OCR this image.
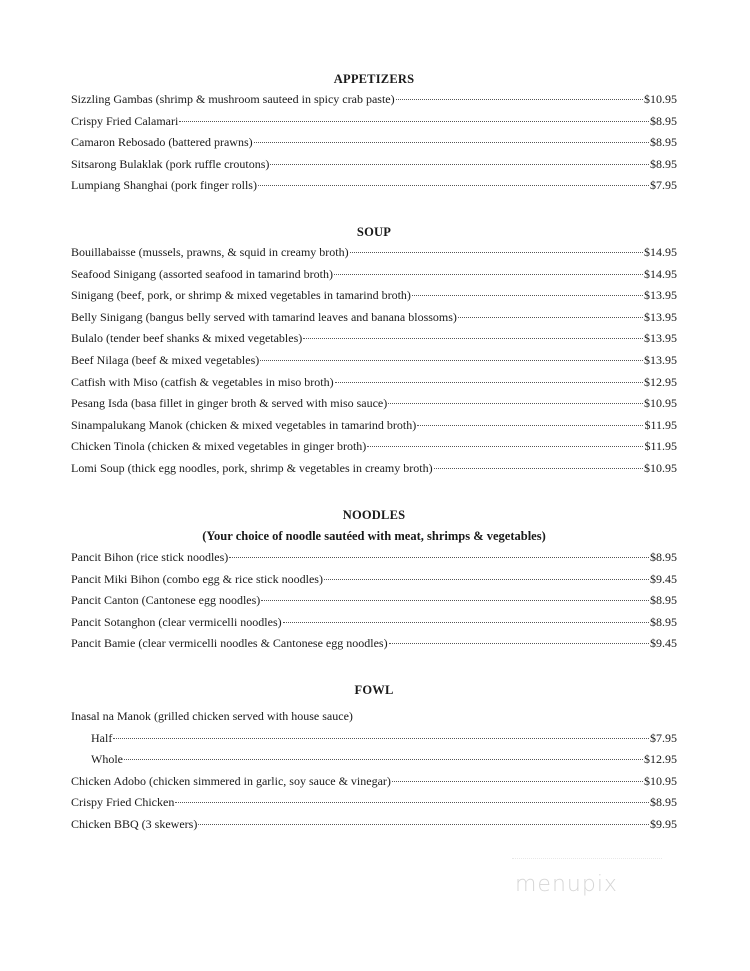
APPETIZERS
Sizzling Gambas (shrimp & mushroom sauteed in spicy crab paste)	$10.95
Crispy Fried Calamari	$8.95
Camaron Rebosado (battered prawns)	$8.95
Sitsarong Bulaklak (pork ruffle croutons)	$8.95
Lumpiang Shanghai (pork finger rolls)	$7.95
SOUP
Bouillabaisse (mussels, prawns, & squid in creamy broth)	$14.95
Seafood Sinigang (assorted seafood in tamarind broth)	$14.95
Sinigang (beef, pork, or shrimp & mixed vegetables in tamarind broth)	$13.95
Belly Sinigang (bangus belly served with tamarind leaves and banana blossoms)	$13.95
Bulalo (tender beef shanks & mixed vegetables)	$13.95
Beef Nilaga (beef & mixed vegetables)	$13.95
Catfish with Miso (catfish & vegetables in miso broth)	$12.95
Pesang Isda (basa fillet in ginger broth & served with miso sauce)	$10.95
Sinampalukang Manok (chicken & mixed vegetables in tamarind broth)	$11.95
Chicken Tinola (chicken & mixed vegetables in ginger broth)	$11.95
Lomi Soup (thick egg noodles, pork, shrimp & vegetables in creamy broth)	$10.95
NOODLES
(Your choice of noodle sautéed with meat, shrimps & vegetables)
Pancit Bihon (rice stick noodles)	$8.95
Pancit Miki Bihon (combo egg & rice stick noodles)	$9.45
Pancit Canton (Cantonese egg noodles)	$8.95
Pancit Sotanghon (clear vermicelli noodles)	$8.95
Pancit Bamie (clear vermicelli noodles & Cantonese egg noodles)	$9.45
FOWL
Inasal na Manok (grilled chicken served with house sauce)
Half	$7.95
Whole	$12.95
Chicken Adobo (chicken simmered in garlic, soy sauce & vinegar)	$10.95
Crispy Fried Chicken	$8.95
Chicken BBQ (3 skewers)	$9.95
menupix
